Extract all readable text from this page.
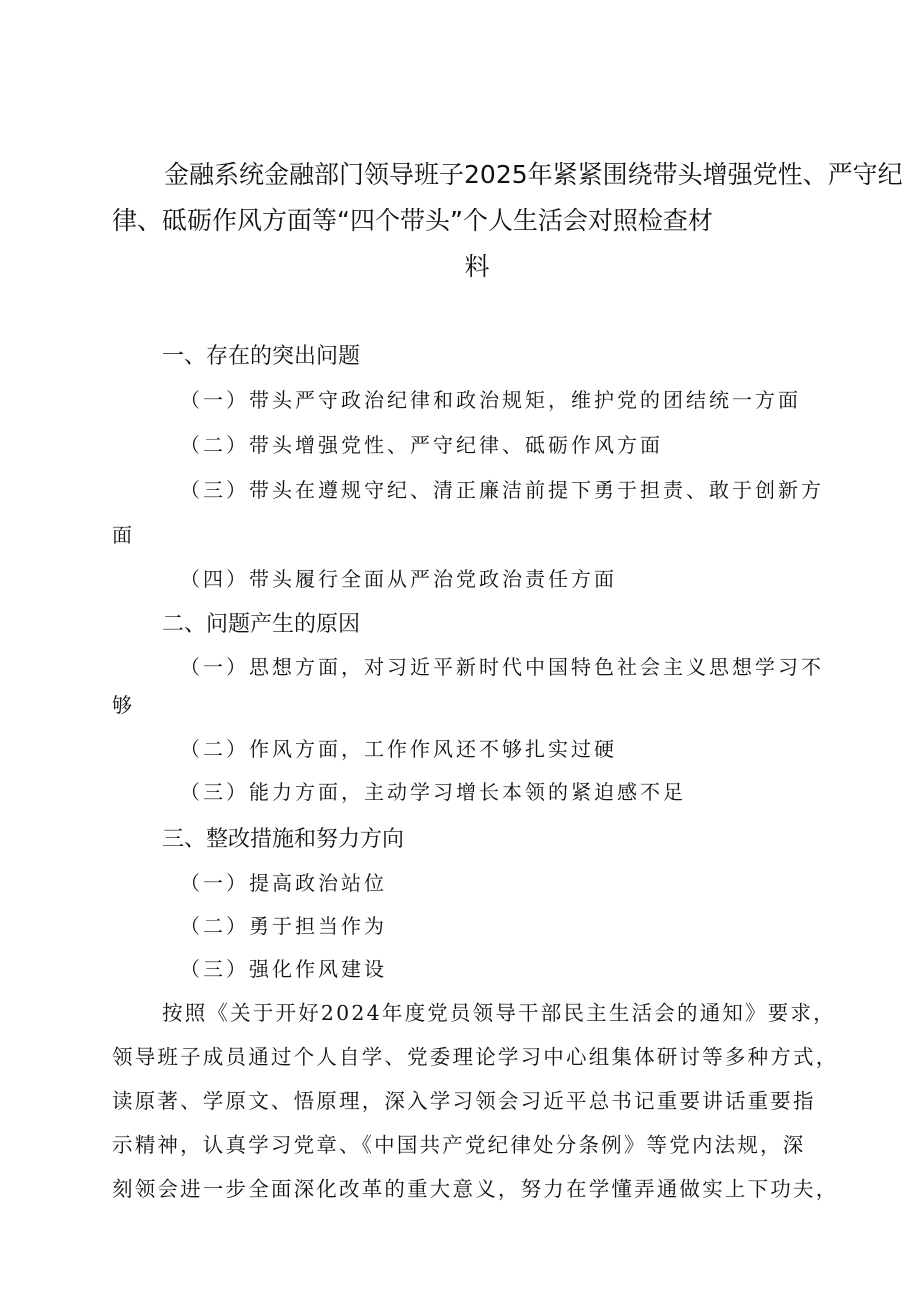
金融系统金融部门领导班子2025年紧紧围绕带头增强党性、严守纪
律、砥砺作风方面等“四个带头”个人生活会对照检查材
料
一、存在的突出问题
（一）带头严守政治纪律和政治规矩，维护党的团结统一方面
（二）带头增强党性、严守纪律、砥砺作风方面
（三）带头在遵规守纪、清正廉洁前提下勇于担责、敢于创新方
面
（四）带头履行全面从严治党政治责任方面
二、问题产生的原因
（一）思想方面，对习近平新时代中国特色社会主义思想学习不
够
（二）作风方面，工作作风还不够扎实过硬
（三）能力方面，主动学习增长本领的紧迫感不足
三、整改措施和努力方向
（一）提高政治站位
（二）勇于担当作为
（三）强化作风建设
按照《关于开好2024年度党员领导干部民主生活会的通知》要求，
领导班子成员通过个人自学、党委理论学习中心组集体研讨等多种方式，
读原著、学原文、悟原理，深入学习领会习近平总书记重要讲话重要指
示精神，认真学习党章、《中国共产党纪律处分条例》等党内法规，深
刻领会进一步全面深化改革的重大意义，努力在学懂弄通做实上下功夫，
